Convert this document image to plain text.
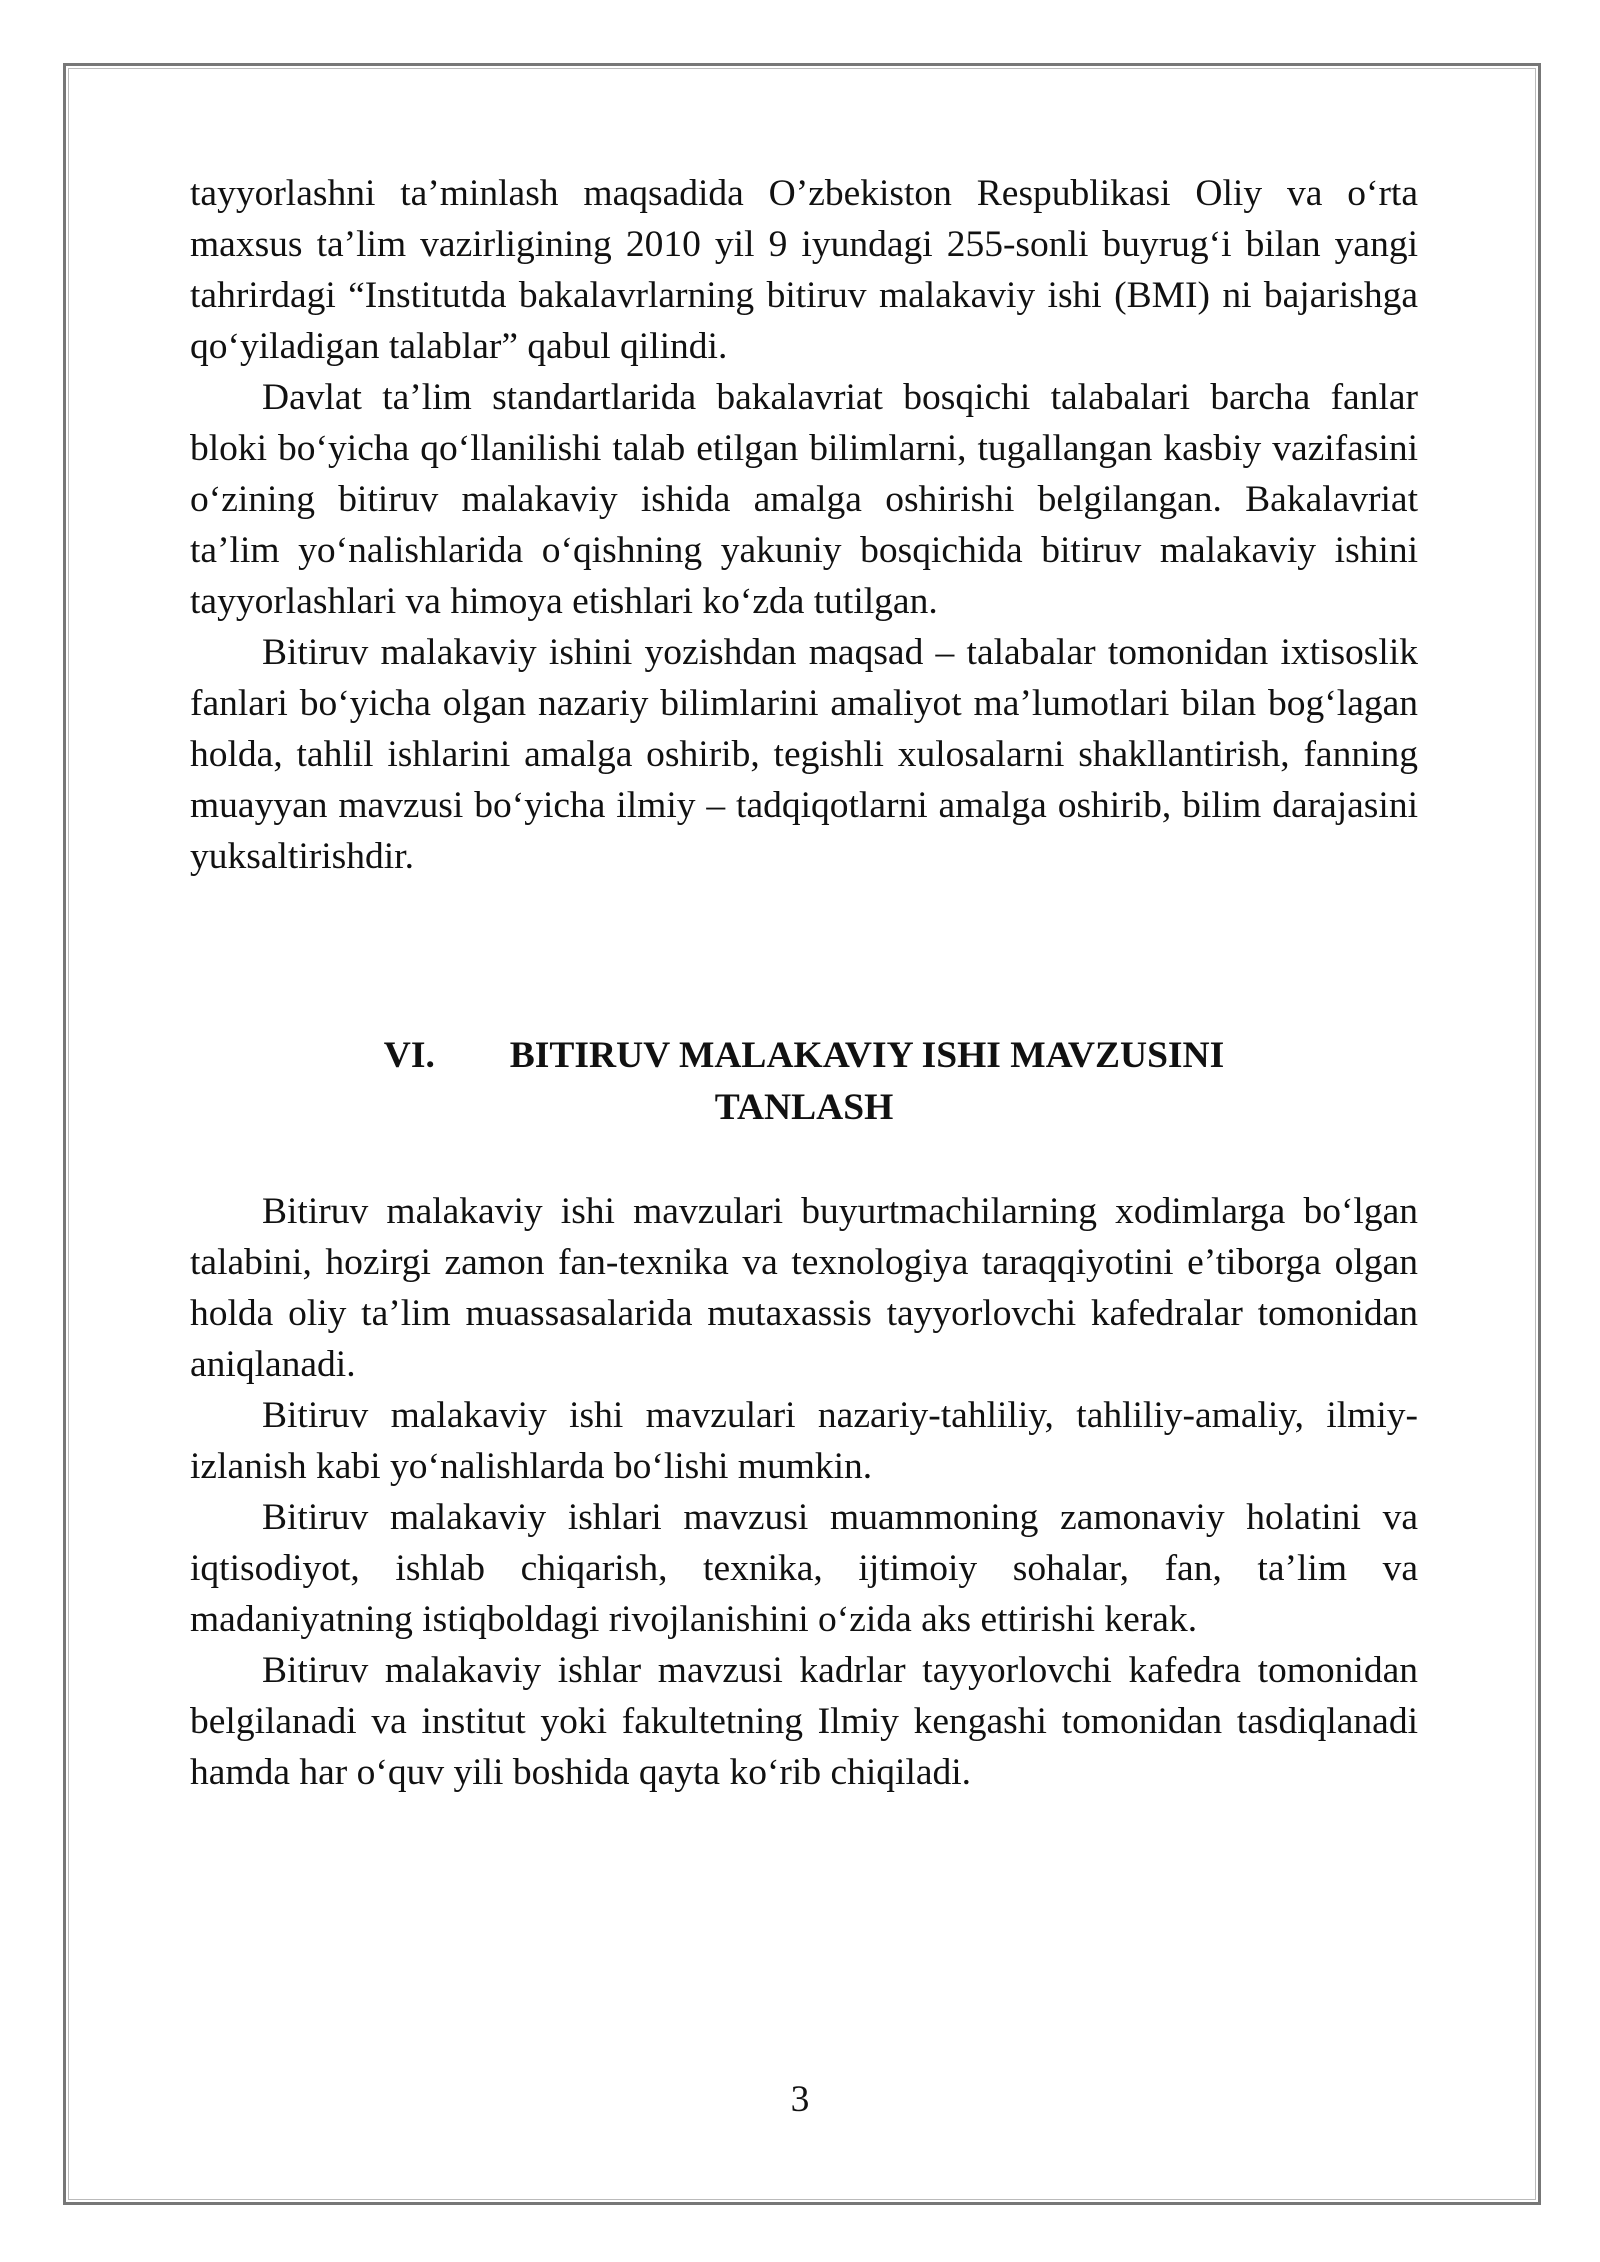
tayyorlashni ta’minlash maqsadida O’zbekiston Respublikasi Oliy va o‘rta maxsus ta’lim vazirligining 2010 yil 9 iyundagi 255-sonli buyrug‘i bilan yangi tahrirdagi “Institutda bakalavrlarning bitiruv malakaviy ishi (BMI) ni bajarishga qo‘yiladigan talablar” qabul qilindi.

Davlat ta’lim standartlarida bakalavriat bosqichi talabalari barcha fanlar bloki bo‘yicha qo‘llanilishi talab etilgan bilimlarni, tugallangan kasbiy vazifasini o‘zining bitiruv malakaviy ishida amalga oshirishi belgilangan. Bakalavriat ta’lim yo‘nalishlarida o‘qishning yakuniy bosqichida bitiruv malakaviy ishini tayyorlashlari va himoya etishlari ko‘zda tutilgan.

Bitiruv malakaviy ishini yozishdan maqsad – talabalar tomonidan ixtisoslik fanlari bo‘yicha olgan nazariy bilimlarini amaliyot ma’lumotlari bilan bog‘lagan holda, tahlil ishlarini amalga oshirib, tegishli xulosalarni shakllantirish, fanning muayyan mavzusi bo‘yicha ilmiy – tadqiqotlarni amalga oshirib, bilim darajasini yuksaltirishdir.

VI. BITIRUV MALAKAVIY ISHI MAVZUSINI
TANLASH

Bitiruv malakaviy ishi mavzulari buyurtmachilarning xodimlarga bo‘lgan talabini, hozirgi zamon fan-texnika va texnologiya taraqqiyotini e’tiborga olgan holda oliy ta’lim muassasalarida mutaxassis tayyorlovchi kafedralar tomonidan aniqlanadi.

Bitiruv malakaviy ishi mavzulari nazariy-tahliliy, tahliliy-amaliy, ilmiy-izlanish kabi yo‘nalishlarda bo‘lishi mumkin.

Bitiruv malakaviy ishlari mavzusi muammoning zamonaviy holatini va iqtisodiyot, ishlab chiqarish, texnika, ijtimoiy sohalar, fan, ta’lim va madaniyatning istiqboldagi rivojlanishini o‘zida aks ettirishi kerak.

Bitiruv malakaviy ishlar mavzusi kadrlar tayyorlovchi kafedra tomonidan belgilanadi va institut yoki fakultetning Ilmiy kengashi tomonidan tasdiqlanadi hamda har o‘quv yili boshida qayta ko‘rib chiqiladi.

3
